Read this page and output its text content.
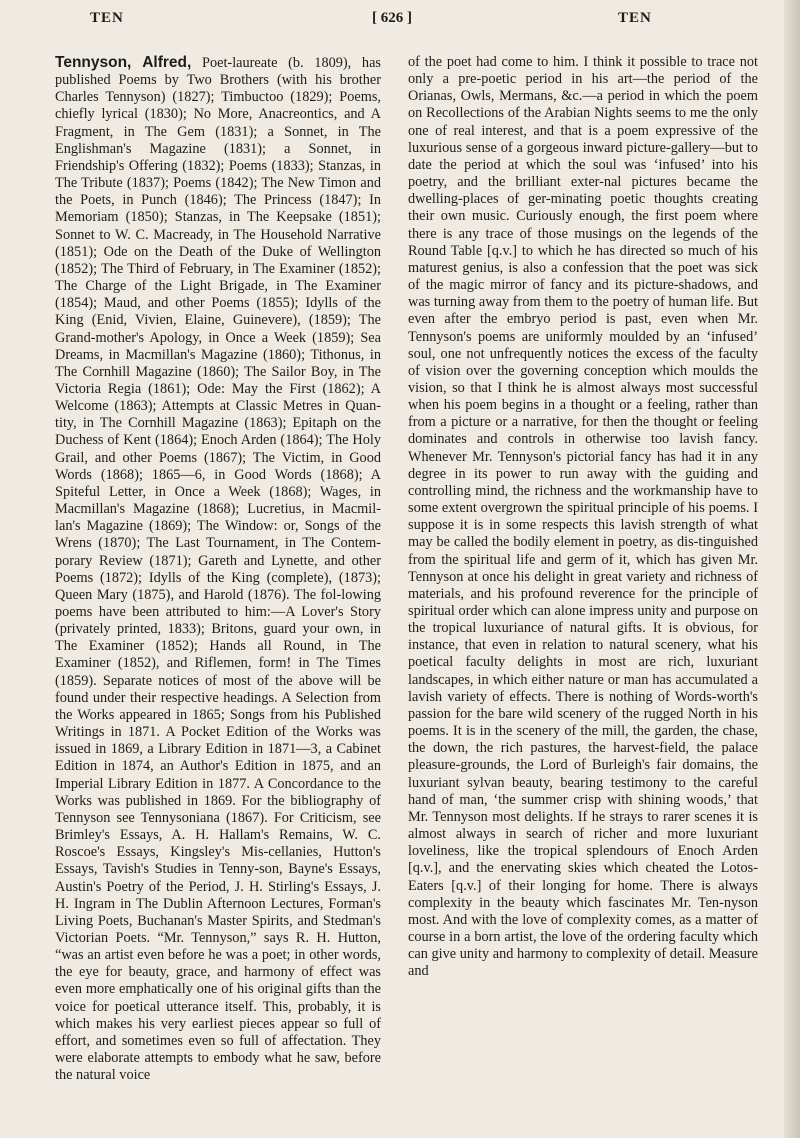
TEN	[ 626 ]	TEN

Tennyson, Alfred, Poet-laureate (b. 1809), has published Poems by Two Brothers (with his brother Charles Tennyson) (1827); Timbuctoo (1829); Poems, chiefly lyrical (1830); No More, Anacreontics, and A Fragment, in The Gem (1831); a Sonnet, in The Englishman's Magazine (1831); a Sonnet, in Friendship's Offering (1832); Poems (1833); Stanzas, in The Tribute (1837); Poems (1842); The New Timon and the Poets, in Punch (1846); The Princess (1847); In Memoriam (1850); Stanzas, in The Keepsake (1851); Sonnet to W. C. Macready, in The Household Narrative (1851); Ode on the Death of the Duke of Wellington (1852); The Third of February, in The Examiner (1852); The Charge of the Light Brigade, in The Examiner (1854); Maud, and other Poems (1855); Idylls of the King (Enid, Vivien, Elaine, Guinevere), (1859); The Grand-mother's Apology, in Once a Week (1859); Sea Dreams, in Macmillan's Magazine (1860); Tithonus, in The Cornhill Magazine (1860); The Sailor Boy, in The Victoria Regia (1861); Ode: May the First (1862); A Welcome (1863); Attempts at Classic Metres in Quan-tity, in The Cornhill Magazine (1863); Epitaph on the Duchess of Kent (1864); Enoch Arden (1864); The Holy Grail, and other Poems (1867); The Victim, in Good Words (1868); 1865—6, in Good Words (1868); A Spiteful Letter, in Once a Week (1868); Wages, in Macmillan's Magazine (1868); Lucretius, in Macmil-lan's Magazine (1869); The Window: or, Songs of the Wrens (1870); The Last Tournament, in The Contem-porary Review (1871); Gareth and Lynette, and other Poems (1872); Idylls of the King (complete), (1873); Queen Mary (1875), and Harold (1876). The fol-lowing poems have been attributed to him:—A Lover's Story (privately printed, 1833); Britons, guard your own, in The Examiner (1852); Hands all Round, in The Examiner (1852), and Riflemen, form! in The Times (1859). Separate notices of most of the above will be found under their respective headings. A Selection from the Works appeared in 1865; Songs from his Published Writings in 1871. A Pocket Edition of the Works was issued in 1869, a Library Edition in 1871—3, a Cabinet Edition in 1874, an Author's Edition in 1875, and an Imperial Library Edition in 1877. A Concordance to the Works was published in 1869. For the bibliography of Tennyson see Tennysoniana (1867). For Criticism, see Brimley's Essays, A. H. Hallam's Remains, W. C. Roscoe's Essays, Kingsley's Mis-cellanies, Hutton's Essays, Tavish's Studies in Tenny-son, Bayne's Essays, Austin's Poetry of the Period, J. H. Stirling's Essays, J. H. Ingram in The Dublin Afternoon Lectures, Forman's Living Poets, Buchanan's Master Spirits, and Stedman's Victorian Poets. “Mr. Tennyson,” says R. H. Hutton, “was an artist even before he was a poet; in other words, the eye for beauty, grace, and harmony of effect was even more emphatically one of his original gifts than the voice for poetical utterance itself. This, probably, it is which makes his very earliest pieces appear so full of effort, and sometimes even so full of affectation. They were elaborate attempts to embody what he saw, before the natural voice

of the poet had come to him. I think it possible to trace not only a pre-poetic period in his art—the period of the Orianas, Owls, Mermans, &c.—a period in which the poem on Recollections of the Arabian Nights seems to me the only one of real interest, and that is a poem expressive of the luxurious sense of a gorgeous inward picture-gallery—but to date the period at which the soul was ‘infused’ into his poetry, and the brilliant exter-nal pictures became the dwelling-places of ger-minating poetic thoughts creating their own music. Curiously enough, the first poem where there is any trace of those musings on the legends of the Round Table [q.v.] to which he has directed so much of his maturest genius, is also a confession that the poet was sick of the magic mirror of fancy and its picture-shadows, and was turning away from them to the poetry of human life. But even after the embryo period is past, even when Mr. Tennyson's poems are uniformly moulded by an ‘infused’ soul, one not unfrequently notices the excess of the faculty of vision over the governing conception which moulds the vision, so that I think he is almost always most successful when his poem begins in a thought or a feeling, rather than from a picture or a narrative, for then the thought or feeling dominates and controls in otherwise too lavish fancy. Whenever Mr. Tennyson's pictorial fancy has had it in any degree in its power to run away with the guiding and controlling mind, the richness and the workmanship have to some extent overgrown the spiritual principle of his poems. I suppose it is in some respects this lavish strength of what may be called the bodily element in poetry, as dis-tinguished from the spiritual life and germ of it, which has given Mr. Tennyson at once his delight in great variety and richness of materials, and his profound reverence for the principle of spiritual order which can alone impress unity and purpose on the tropical luxuriance of natural gifts. It is obvious, for instance, that even in relation to natural scenery, what his poetical faculty delights in most are rich, luxuriant landscapes, in which either nature or man has accumulated a lavish variety of effects. There is nothing of Words-worth's passion for the bare wild scenery of the rugged North in his poems. It is in the scenery of the mill, the garden, the chase, the down, the rich pastures, the harvest-field, the palace pleasure-grounds, the Lord of Burleigh's fair domains, the luxuriant sylvan beauty, bearing testimony to the careful hand of man, ‘the summer crisp with shining woods,’ that Mr. Tennyson most delights. If he strays to rarer scenes it is almost always in search of richer and more luxuriant loveliness, like the tropical splendours of Enoch Arden [q.v.], and the enervating skies which cheated the Lotos-Eaters [q.v.] of their longing for home. There is always complexity in the beauty which fascinates Mr. Ten-nyson most. And with the love of complexity comes, as a matter of course in a born artist, the love of the ordering faculty which can give unity and harmony to complexity of detail. Measure and
